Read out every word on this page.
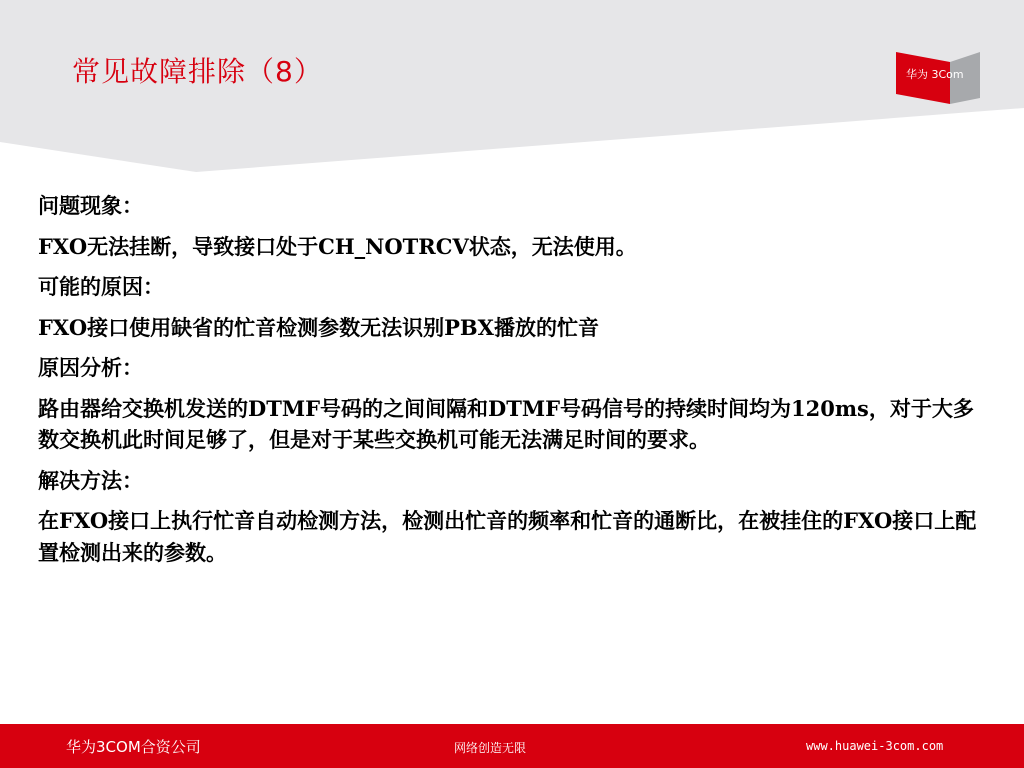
常见故障排除（8）	华为 3Com
问题现象：
FXO无法挂断，导致接口处于CH_NOTRCV状态，无法使用。
可能的原因：
FXO接口使用缺省的忙音检测参数无法识别PBX播放的忙音
原因分析：
路由器给交换机发送的DTMF号码的之间间隔和DTMF号码信号的持续时间均为120ms，对于大多数交换机此时间足够了，但是对于某些交换机可能无法满足时间的要求。
解决方法：
在FXO接口上执行忙音自动检测方法，检测出忙音的频率和忙音的通断比，在被挂住的FXO接口上配置检测出来的参数。
华为3COM合资公司	网络创造无限	www.huawei-3com.com
